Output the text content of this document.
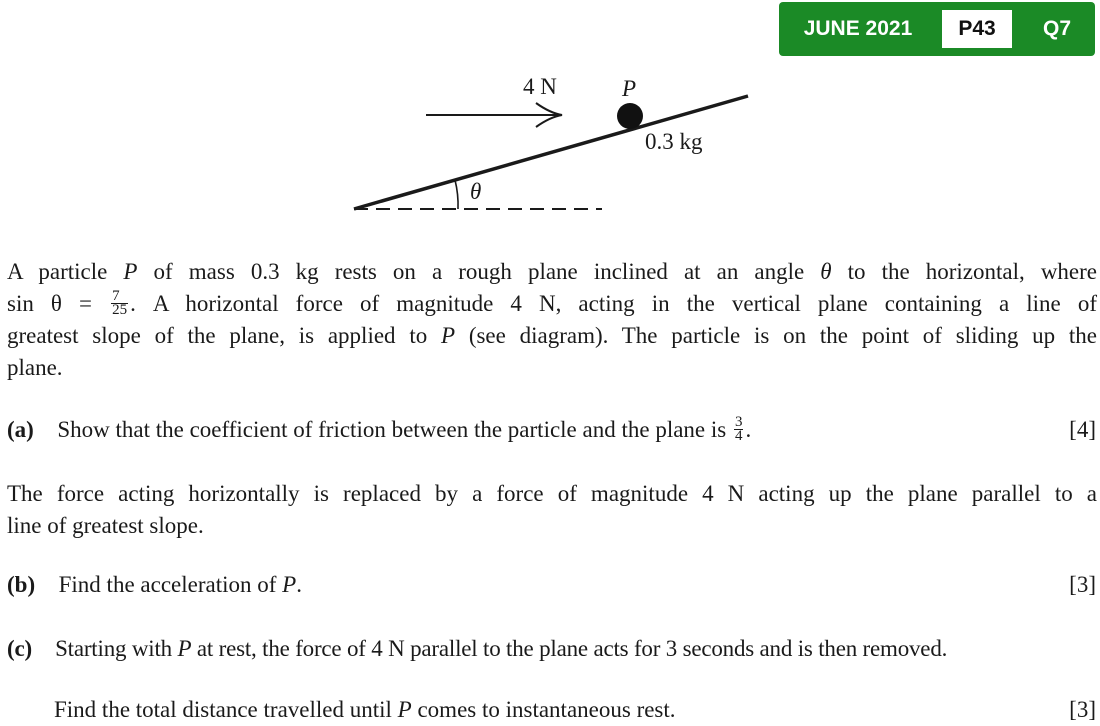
JUNE 2021	P43	Q7
θ
4 N	P
0.3 kg
A particle P of mass 0.3 kg rests on a rough plane inclined at an angle θ to the horizontal, where
$\sin \theta = \frac{7}{25}$ . A horizontal force of magnitude 4 N, acting in the vertical plane containing a line of
greatest slope of the plane, is applied to P (see diagram). The particle is on the point of sliding up the
plane.
(a) Show that the coefficient of friction between the particle and the plane is $\frac{3}{4}$ .	[4]
The force acting horizontally is replaced by a force of magnitude 4 N acting up the plane parallel to a
line of greatest slope.
(b) Find the acceleration of P.	[3]
(c) Starting with P at rest, the force of 4 N parallel to the plane acts for 3 seconds and is then removed.
Find the total distance travelled until P comes to instantaneous rest.	[3]
